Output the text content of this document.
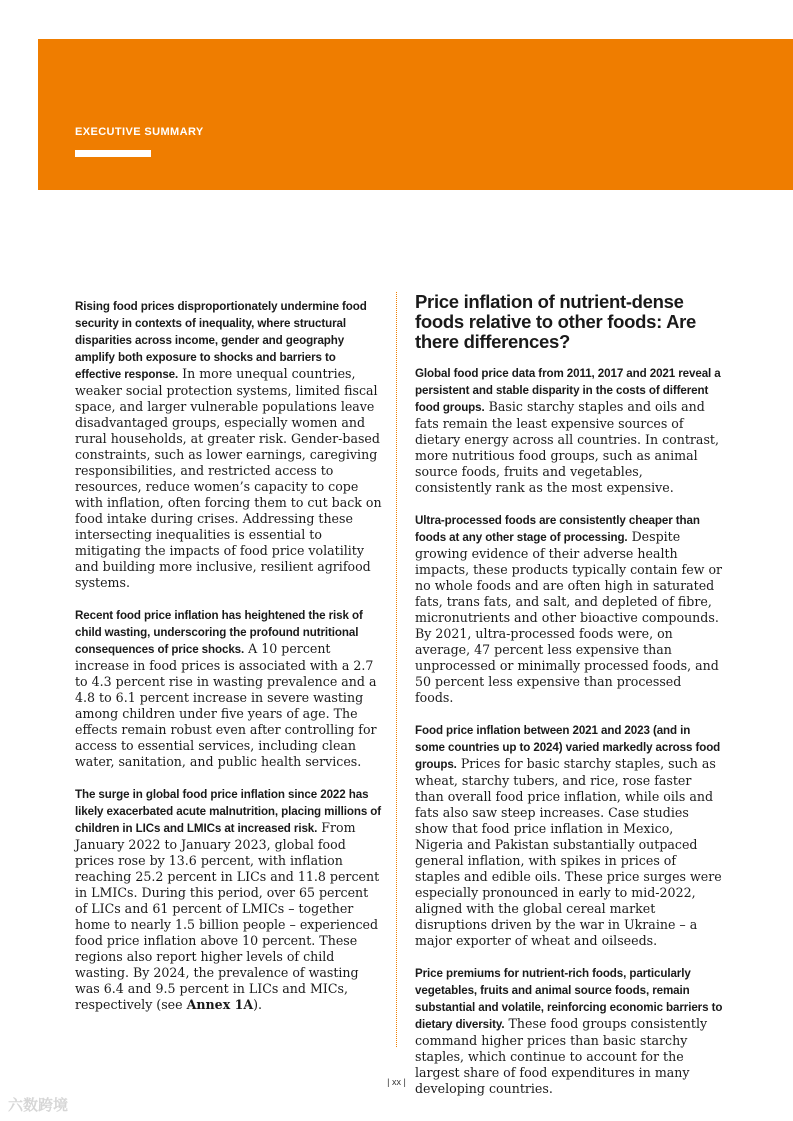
EXECUTIVE SUMMARY

Rising food prices disproportionately undermine food security in contexts of inequality, where structural disparities across income, gender and geography amplify both exposure to shocks and barriers to effective response. In more unequal countries, weaker social protection systems, limited fiscal space, and larger vulnerable populations leave disadvantaged groups, especially women and rural households, at greater risk. Gender-based constraints, such as lower earnings, caregiving responsibilities, and restricted access to resources, reduce women’s capacity to cope with inflation, often forcing them to cut back on food intake during crises. Addressing these intersecting inequalities is essential to mitigating the impacts of food price volatility and building more inclusive, resilient agrifood systems.

Recent food price inflation has heightened the risk of child wasting, underscoring the profound nutritional consequences of price shocks. A 10 percent increase in food prices is associated with a 2.7 to 4.3 percent rise in wasting prevalence and a 4.8 to 6.1 percent increase in severe wasting among children under five years of age. The effects remain robust even after controlling for access to essential services, including clean water, sanitation, and public health services.

The surge in global food price inflation since 2022 has likely exacerbated acute malnutrition, placing millions of children in LICs and LMICs at increased risk. From January 2022 to January 2023, global food prices rose by 13.6 percent, with inflation reaching 25.2 percent in LICs and 11.8 percent in LMICs. During this period, over 65 percent of LICs and 61 percent of LMICs – together home to nearly 1.5 billion people – experienced food price inflation above 10 percent. These regions also report higher levels of child wasting. By 2024, the prevalence of wasting was 6.4 and 9.5 percent in LICs and MICs, respectively (see Annex 1A).

Price inflation of nutrient-dense foods relative to other foods: Are there differences?

Global food price data from 2011, 2017 and 2021 reveal a persistent and stable disparity in the costs of different food groups. Basic starchy staples and oils and fats remain the least expensive sources of dietary energy across all countries. In contrast, more nutritious food groups, such as animal source foods, fruits and vegetables, consistently rank as the most expensive.

Ultra-processed foods are consistently cheaper than foods at any other stage of processing. Despite growing evidence of their adverse health impacts, these products typically contain few or no whole foods and are often high in saturated fats, trans fats, and salt, and depleted of fibre, micronutrients and other bioactive compounds. By 2021, ultra-processed foods were, on average, 47 percent less expensive than unprocessed or minimally processed foods, and 50 percent less expensive than processed foods.

Food price inflation between 2021 and 2023 (and in some countries up to 2024) varied markedly across food groups. Prices for basic starchy staples, such as wheat, starchy tubers, and rice, rose faster than overall food price inflation, while oils and fats also saw steep increases. Case studies show that food price inflation in Mexico, Nigeria and Pakistan substantially outpaced general inflation, with spikes in prices of staples and edible oils. These price surges were especially pronounced in early to mid-2022, aligned with the global cereal market disruptions driven by the war in Ukraine – a major exporter of wheat and oilseeds.

Price premiums for nutrient-rich foods, particularly vegetables, fruits and animal source foods, remain substantial and volatile, reinforcing economic barriers to dietary diversity. These food groups consistently command higher prices than basic starchy staples, which continue to account for the largest share of food expenditures in many developing countries.

| xx |
六数跨境
